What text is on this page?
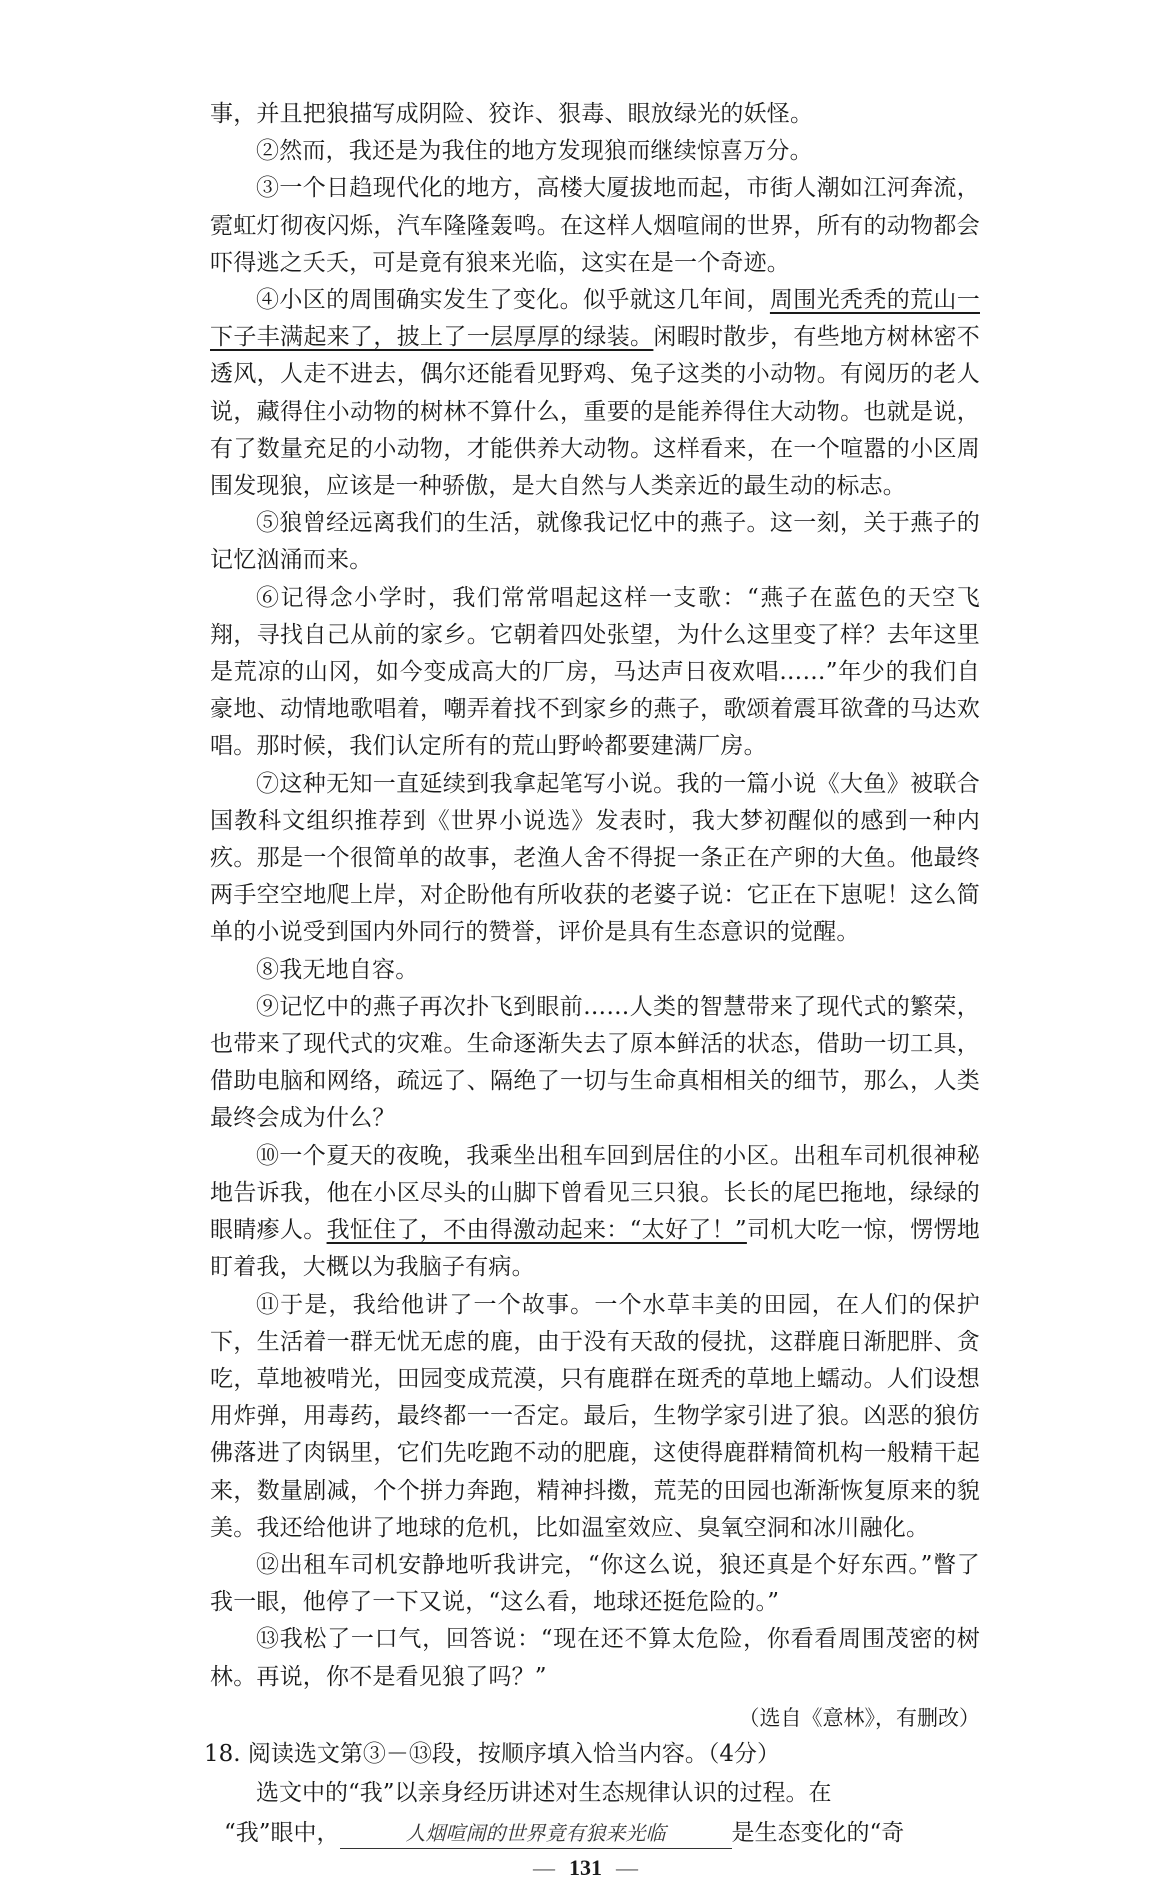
事，并且把狼描写成阴险、狡诈、狠毒、眼放绿光的妖怪。

②然而，我还是为我住的地方发现狼而继续惊喜万分。

③一个日趋现代化的地方，高楼大厦拔地而起，市街人潮如江河奔流，霓虹灯彻夜闪烁，汽车隆隆轰鸣。在这样人烟喧闹的世界，所有的动物都会吓得逃之夭夭，可是竟有狼来光临，这实在是一个奇迹。

④小区的周围确实发生了变化。似乎就这几年间，周围光秃秃的荒山一下子丰满起来了，披上了一层厚厚的绿装。闲暇时散步，有些地方树林密不透风，人走不进去，偶尔还能看见野鸡、兔子这类的小动物。有阅历的老人说，藏得住小动物的树林不算什么，重要的是能养得住大动物。也就是说，有了数量充足的小动物，才能供养大动物。这样看来，在一个喧嚣的小区周围发现狼，应该是一种骄傲，是大自然与人类亲近的最生动的标志。

⑤狼曾经远离我们的生活，就像我记忆中的燕子。这一刻，关于燕子的记忆汹涌而来。

⑥记得念小学时，我们常常唱起这样一支歌：“燕子在蓝色的天空飞翔，寻找自己从前的家乡。它朝着四处张望，为什么这里变了样？去年这里是荒凉的山冈，如今变成高大的厂房，马达声日夜欢唱……”年少的我们自豪地、动情地歌唱着，嘲弄着找不到家乡的燕子，歌颂着震耳欲聋的马达欢唱。那时候，我们认定所有的荒山野岭都要建满厂房。

⑦这种无知一直延续到我拿起笔写小说。我的一篇小说《大鱼》被联合国教科文组织推荐到《世界小说选》发表时，我大梦初醒似的感到一种内疚。那是一个很简单的故事，老渔人舍不得捉一条正在产卵的大鱼。他最终两手空空地爬上岸，对企盼他有所收获的老婆子说：它正在下崽呢！这么简单的小说受到国内外同行的赞誉，评价是具有生态意识的觉醒。

⑧我无地自容。

⑨记忆中的燕子再次扑飞到眼前……人类的智慧带来了现代式的繁荣，也带来了现代式的灾难。生命逐渐失去了原本鲜活的状态，借助一切工具，借助电脑和网络，疏远了、隔绝了一切与生命真相相关的细节，那么，人类最终会成为什么？

⑩一个夏天的夜晚，我乘坐出租车回到居住的小区。出租车司机很神秘地告诉我，他在小区尽头的山脚下曾看见三只狼。长长的尾巴拖地，绿绿的眼睛瘆人。我怔住了，不由得激动起来：“太好了！”司机大吃一惊，愣愣地盯着我，大概以为我脑子有病。

⑪于是，我给他讲了一个故事。一个水草丰美的田园，在人们的保护下，生活着一群无忧无虑的鹿，由于没有天敌的侵扰，这群鹿日渐肥胖、贪吃，草地被啃光，田园变成荒漠，只有鹿群在斑秃的草地上蠕动。人们设想用炸弹，用毒药，最终都一一否定。最后，生物学家引进了狼。凶恶的狼仿佛落进了肉锅里，它们先吃跑不动的肥鹿，这使得鹿群精简机构一般精干起来，数量剧减，个个拼力奔跑，精神抖擞，荒芜的田园也渐渐恢复原来的貌美。我还给他讲了地球的危机，比如温室效应、臭氧空洞和冰川融化。

⑫出租车司机安静地听我讲完，“你这么说，狼还真是个好东西。”瞥了我一眼，他停了一下又说，“这么看，地球还挺危险的。”

⑬我松了一口气，回答说：“现在还不算太危险，你看看周围茂密的树林。再说，你不是看见狼了吗？”

（选自《意林》，有删改）

18. 阅读选文第③－⑬段，按顺序填入恰当内容。（4分）

选文中的“我”以亲身经历讲述对生态规律认识的过程。在

“我”眼中，	人烟喧闹的世界竟有狼来光临	是生态变化的“奇

— 131 —
